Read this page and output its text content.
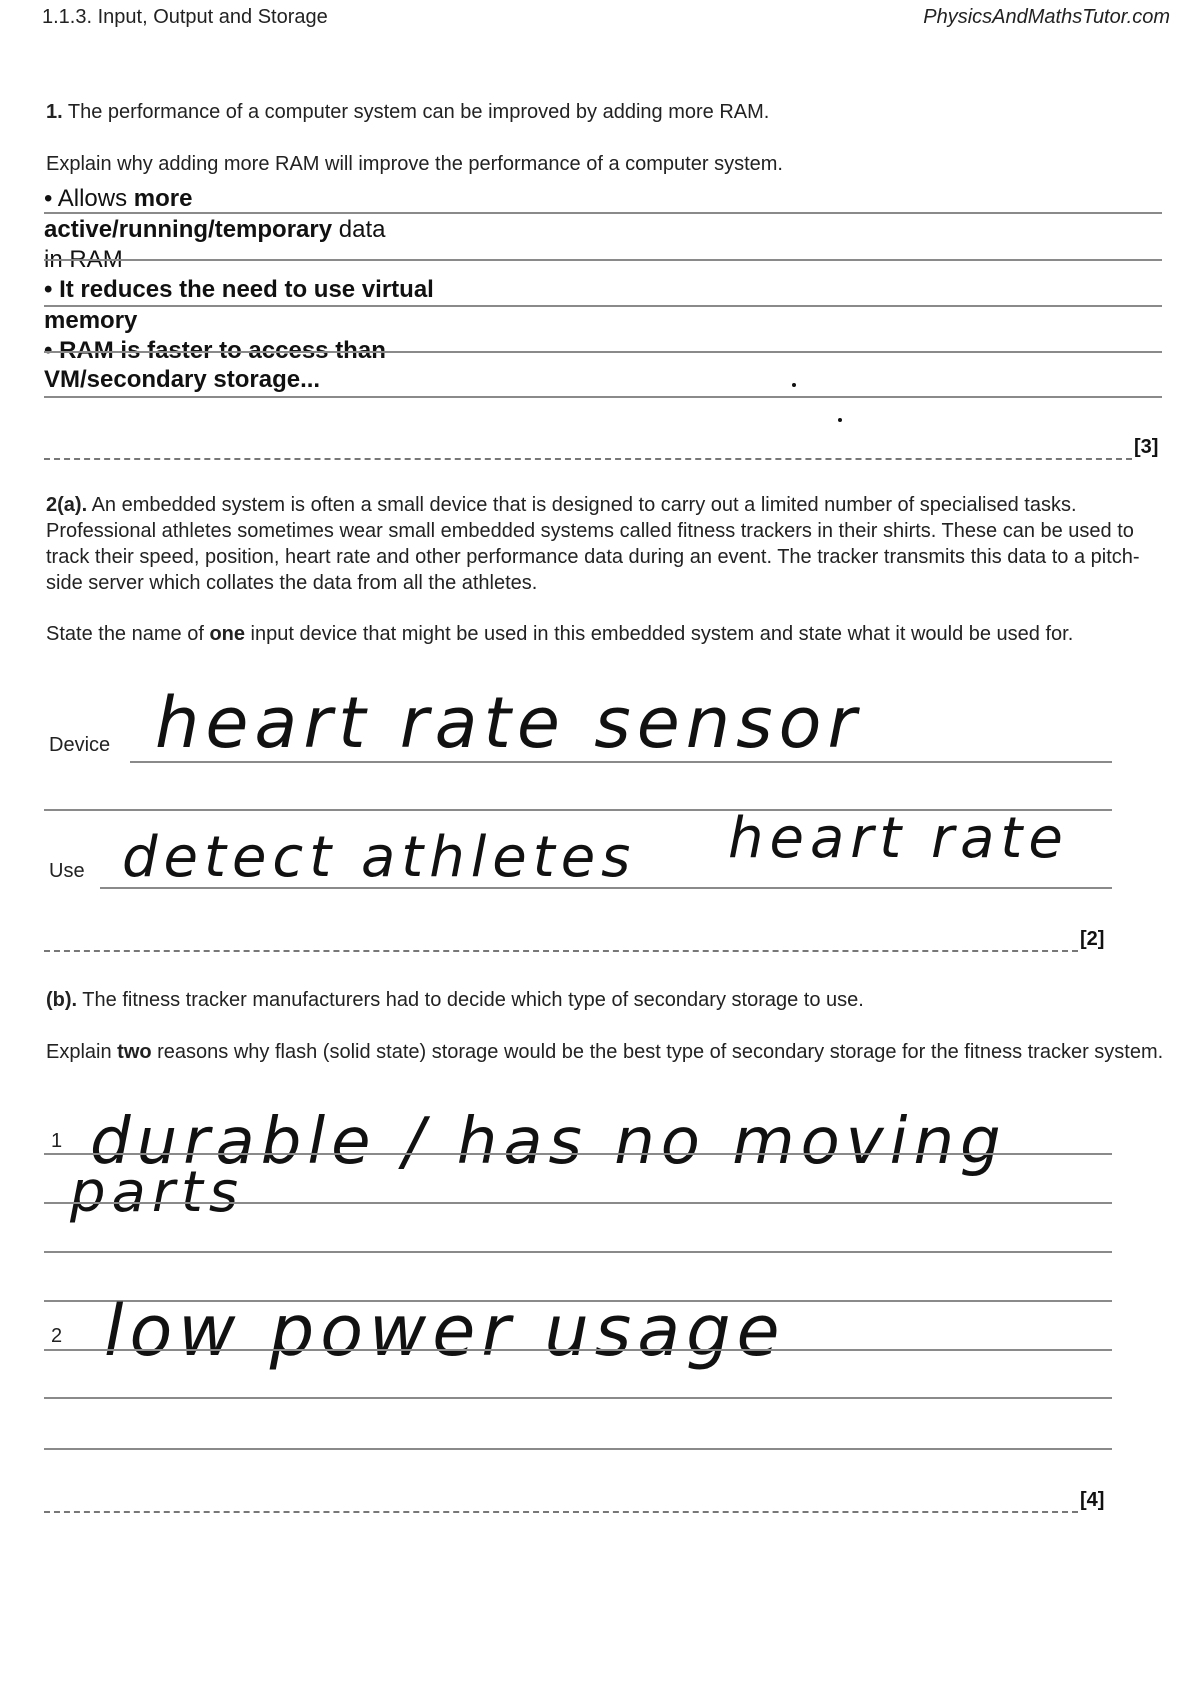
1.1.3. Input, Output and Storage	PhysicsAndMathsTutor.com
1. The performance of a computer system can be improved by adding more RAM.
Explain why adding more RAM will improve the performance of a computer system.
• Allows more
active/running/temporary data
in RAM
• It reduces the need to use virtual
memory
• RAM is faster to access than
VM/secondary storage...
[3]
2(a). An embedded system is often a small device that is designed to carry out a limited number of specialised tasks. Professional athletes sometimes wear small embedded systems called fitness trackers in their shirts. These can be used to track their speed, position, heart rate and other performance data during an event. The tracker transmits this data to a pitch-side server which collates the data from all the athletes.
State the name of one input device that might be used in this embedded system and state what it would be used for.
Device heart rate sensor
Use detect athletes heart rate
[2]
(b). The fitness tracker manufacturers had to decide which type of secondary storage to use.
Explain two reasons why flash (solid state) storage would be the best type of secondary storage for the fitness tracker system.
1 durable / has no moving
parts
2 low power usage
[4]
